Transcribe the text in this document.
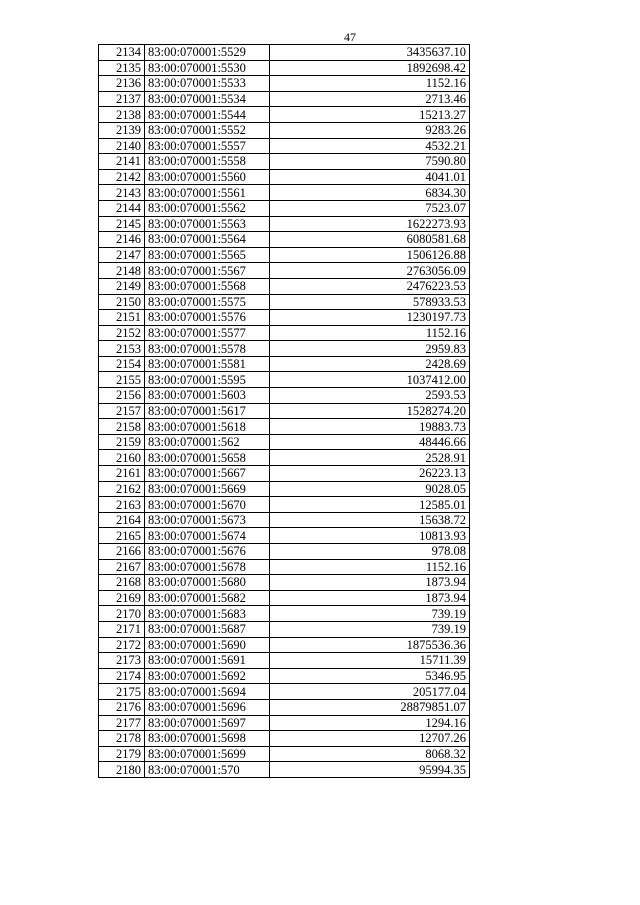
47
2134	83:00:070001:5529	3435637.10
2135	83:00:070001:5530	1892698.42
2136	83:00:070001:5533	1152.16
2137	83:00:070001:5534	2713.46
2138	83:00:070001:5544	15213.27
2139	83:00:070001:5552	9283.26
2140	83:00:070001:5557	4532.21
2141	83:00:070001:5558	7590.80
2142	83:00:070001:5560	4041.01
2143	83:00:070001:5561	6834.30
2144	83:00:070001:5562	7523.07
2145	83:00:070001:5563	1622273.93
2146	83:00:070001:5564	6080581.68
2147	83:00:070001:5565	1506126.88
2148	83:00:070001:5567	2763056.09
2149	83:00:070001:5568	2476223.53
2150	83:00:070001:5575	578933.53
2151	83:00:070001:5576	1230197.73
2152	83:00:070001:5577	1152.16
2153	83:00:070001:5578	2959.83
2154	83:00:070001:5581	2428.69
2155	83:00:070001:5595	1037412.00
2156	83:00:070001:5603	2593.53
2157	83:00:070001:5617	1528274.20
2158	83:00:070001:5618	19883.73
2159	83:00:070001:562	48446.66
2160	83:00:070001:5658	2528.91
2161	83:00:070001:5667	26223.13
2162	83:00:070001:5669	9028.05
2163	83:00:070001:5670	12585.01
2164	83:00:070001:5673	15638.72
2165	83:00:070001:5674	10813.93
2166	83:00:070001:5676	978.08
2167	83:00:070001:5678	1152.16
2168	83:00:070001:5680	1873.94
2169	83:00:070001:5682	1873.94
2170	83:00:070001:5683	739.19
2171	83:00:070001:5687	739.19
2172	83:00:070001:5690	1875536.36
2173	83:00:070001:5691	15711.39
2174	83:00:070001:5692	5346.95
2175	83:00:070001:5694	205177.04
2176	83:00:070001:5696	28879851.07
2177	83:00:070001:5697	1294.16
2178	83:00:070001:5698	12707.26
2179	83:00:070001:5699	8068.32
2180	83:00:070001:570	95994.35
